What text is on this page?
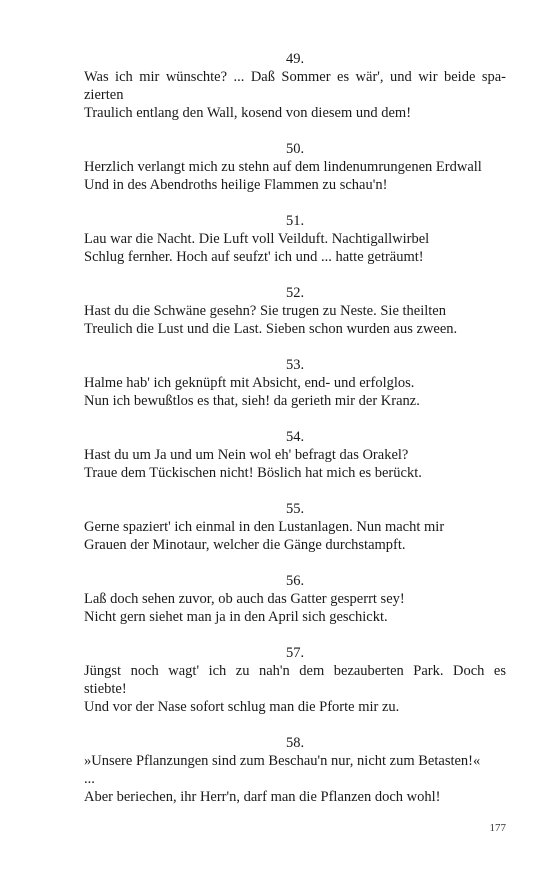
49.
Was ich mir wünschte? ... Daß Sommer es wär', und wir beide spa-
zierten
Traulich entlang den Wall, kosend von diesem und dem!
50.
Herzlich verlangt mich zu stehn auf dem lindenumrungenen Erdwall
Und in des Abendroths heilige Flammen zu schau'n!
51.
Lau war die Nacht. Die Luft voll Veilduft. Nachtigallwirbel
Schlug fernher. Hoch auf seufzt' ich und ... hatte geträumt!
52.
Hast du die Schwäne gesehn? Sie trugen zu Neste. Sie theilten
Treulich die Lust und die Last. Sieben schon wurden aus zween.
53.
Halme hab' ich geknüpft mit Absicht, end- und erfolglos.
Nun ich bewußtlos es that, sieh! da gerieth mir der Kranz.
54.
Hast du um Ja und um Nein wol eh' befragt das Orakel?
Traue dem Tückischen nicht! Böslich hat mich es berückt.
55.
Gerne spaziert' ich einmal in den Lustanlagen. Nun macht mir
Grauen der Minotaur, welcher die Gänge durchstampft.
56.
Laß doch sehen zuvor, ob auch das Gatter gesperrt sey!
Nicht gern siehet man ja in den April sich geschickt.
57.
Jüngst noch wagt' ich zu nah'n dem bezauberten Park. Doch es
stiebte!
Und vor der Nase sofort schlug man die Pforte mir zu.
58.
»Unsere Pflanzungen sind zum Beschau'n nur, nicht zum Betasten!«
...
Aber beriechen, ihr Herr'n, darf man die Pflanzen doch wohl!
177
